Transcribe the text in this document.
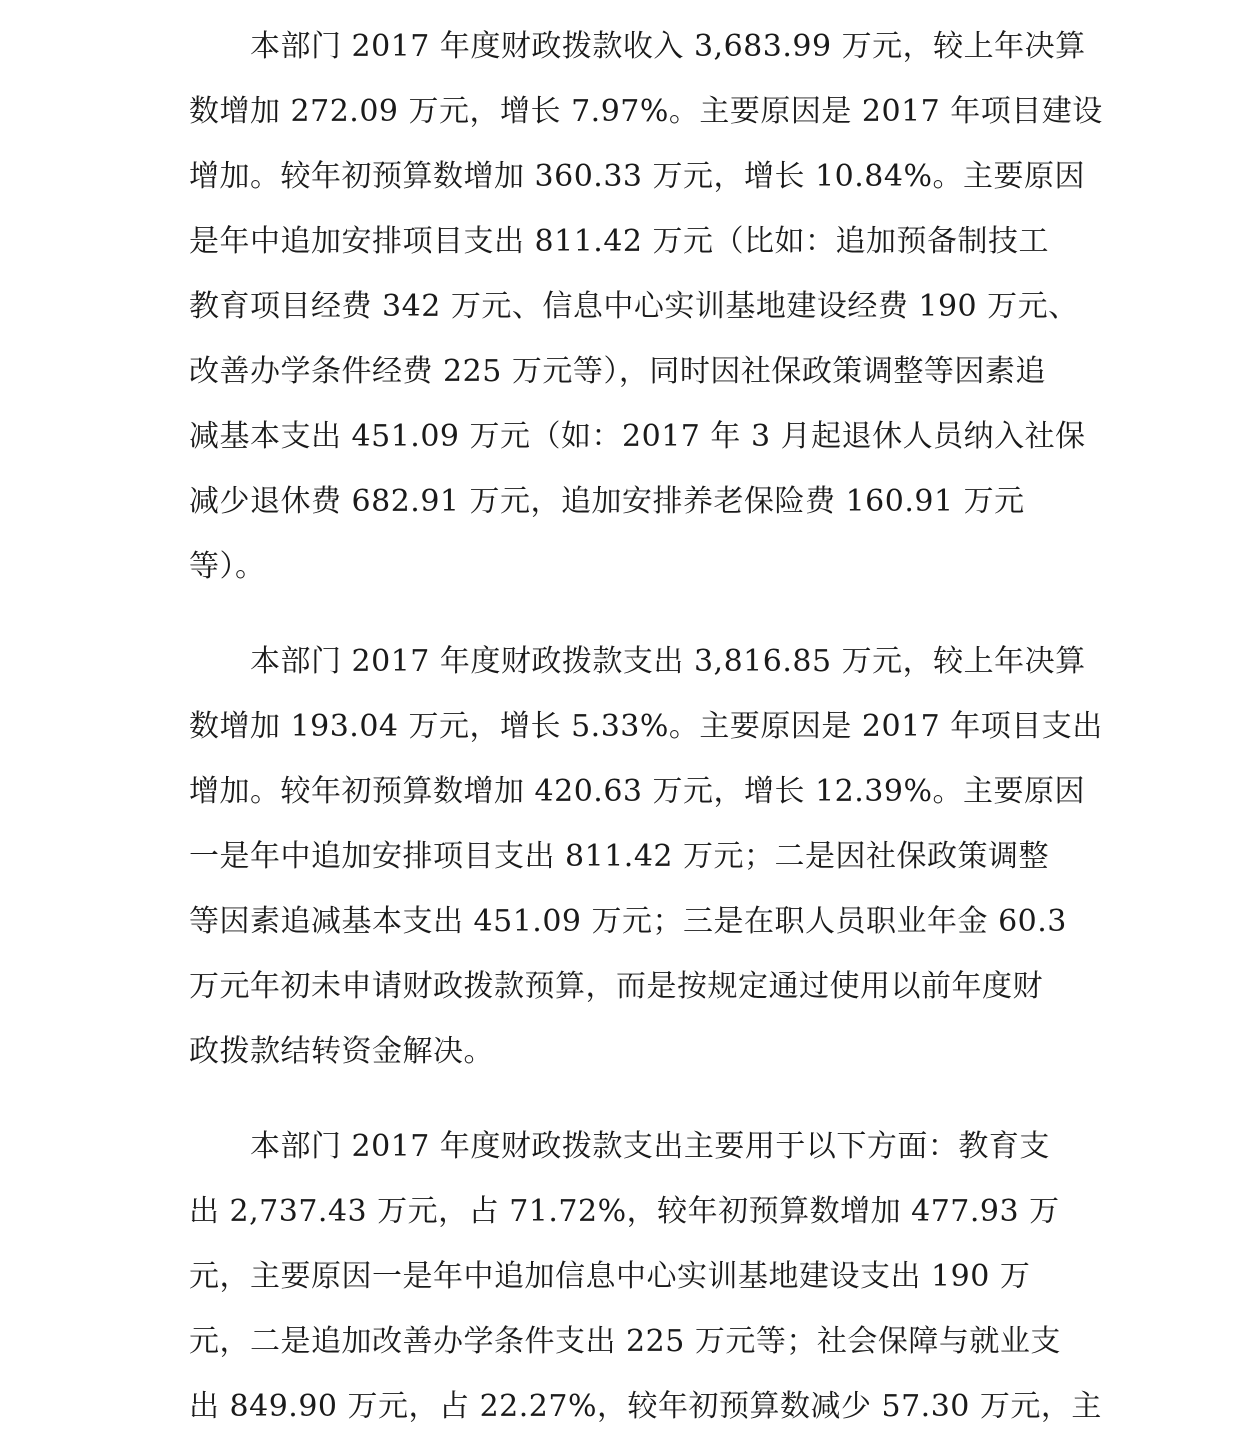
本部门 2017 年度财政拨款收入 3,683.99 万元，较上年决算
数增加 272.09 万元，增长 7.97%。主要原因是 2017 年项目建设
增加。较年初预算数增加 360.33 万元，增长 10.84%。主要原因
是年中追加安排项目支出 811.42 万元（比如：追加预备制技工
教育项目经费 342 万元、信息中心实训基地建设经费 190 万元、
改善办学条件经费 225 万元等），同时因社保政策调整等因素追
减基本支出 451.09 万元（如：2017 年 3 月起退休人员纳入社保
减少退休费 682.91 万元，追加安排养老保险费 160.91 万元
等）。
本部门 2017 年度财政拨款支出 3,816.85 万元，较上年决算
数增加 193.04 万元，增长 5.33%。主要原因是 2017 年项目支出
增加。较年初预算数增加 420.63 万元，增长 12.39%。主要原因
一是年中追加安排项目支出 811.42 万元；二是因社保政策调整
等因素追减基本支出 451.09 万元；三是在职人员职业年金 60.3
万元年初未申请财政拨款预算，而是按规定通过使用以前年度财
政拨款结转资金解决。
本部门 2017 年度财政拨款支出主要用于以下方面：教育支
出 2,737.43 万元，占 71.72%，较年初预算数增加 477.93 万
元，主要原因一是年中追加信息中心实训基地建设支出 190 万
元，二是追加改善办学条件支出 225 万元等；社会保障与就业支
出 849.90 万元，占 22.27%，较年初预算数减少 57.30 万元，主
